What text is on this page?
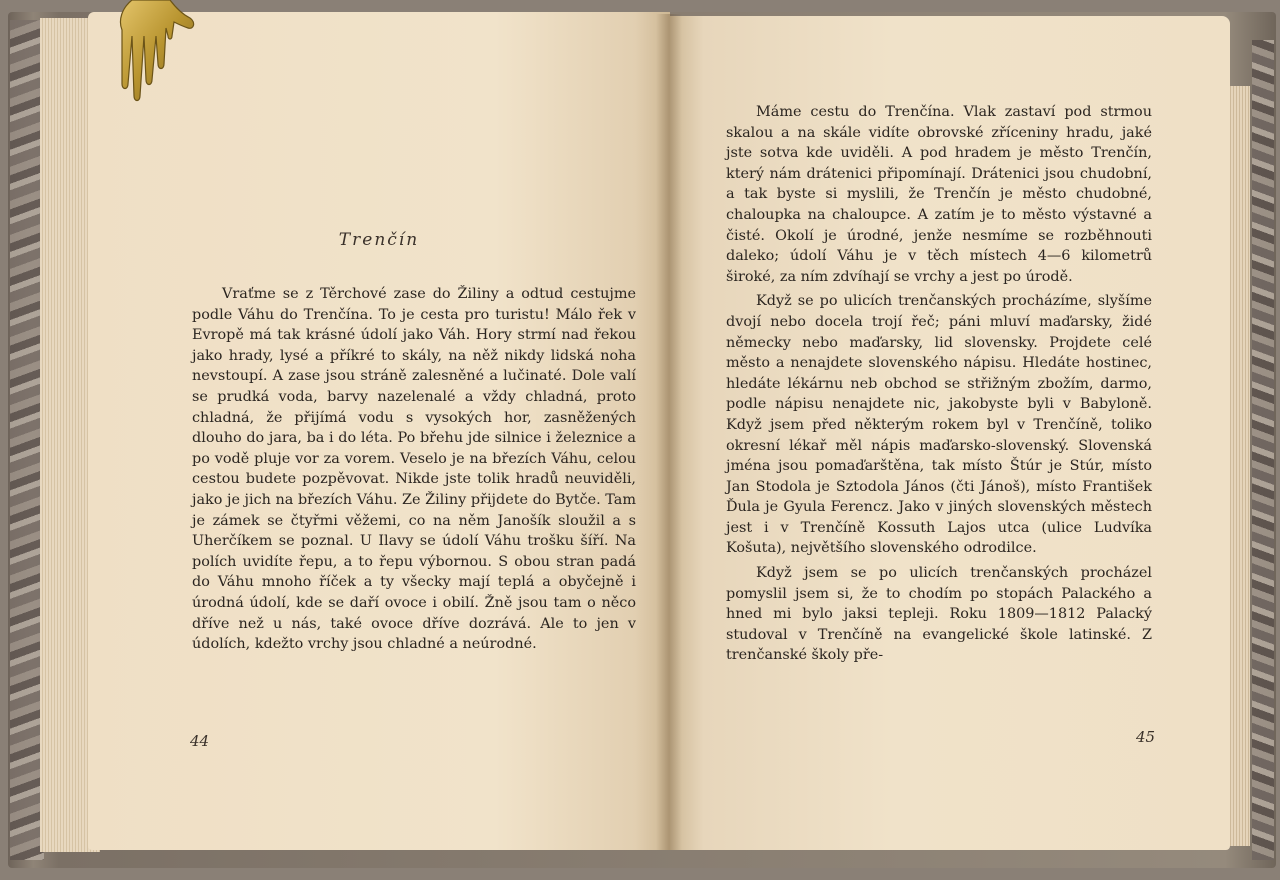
Trenčín

Vraťme se z Těrchové zase do Žiliny a odtud cestujme podle Váhu do Trenčína. To je cesta pro turistu! Málo řek v Evropě má tak krásné údolí jako Váh. Hory strmí nad řekou jako hrady, lysé a příkré to skály, na něž nikdy lidská noha nevstoupí. A zase jsou stráně zalesněné a lučinaté. Dole valí se prudká voda, barvy nazelenalé a vždy chladná, proto chladná, že přijímá vodu s vysokých hor, zasněžených dlouho do jara, ba i do léta. Po břehu jde silnice i železnice a po vodě pluje vor za vorem. Veselo je na březích Váhu, celou cestou budete pozpěvovat. Nikde jste tolik hradů neuviděli, jako je jich na březích Váhu. Ze Žiliny přijdete do Bytče. Tam je zámek se čtyřmi věžemi, co na něm Janošík sloužil a s Uherčíkem se poznal. U Ilavy se údolí Váhu trošku šíří. Na polích uvidíte řepu, a to řepu výbornou. S obou stran padá do Váhu mnoho říček a ty všecky mají teplá a obyčejně i úrodná údolí, kde se daří ovoce i obilí. Žně jsou tam o něco dříve než u nás, také ovoce dříve dozrává. Ale to jen v údolích, kdežto vrchy jsou chladné a neúrodné.

44

Máme cestu do Trenčína. Vlak zastaví pod strmou skalou a na skále vidíte obrovské zříceniny hradu, jaké jste sotva kde uviděli. A pod hradem je město Trenčín, který nám drátenici připomínají. Drátenici jsou chudobní, a tak byste si myslili, že Trenčín je město chudobné, chaloupka na chaloupce. A zatím je to město výstavné a čisté. Okolí je úrodné, jenže nesmíme se rozběhnouti daleko; údolí Váhu je v těch místech 4—6 kilometrů široké, za ním zdvíhají se vrchy a jest po úrodě.

Když se po ulicích trenčanských procházíme, slyšíme dvojí nebo docela trojí řeč; páni mluví maďarsky, židé německy nebo maďarsky, lid slovensky. Projdete celé město a nenajdete slovenského nápisu. Hledáte hostinec, hledáte lékárnu neb obchod se střižným zbožím, darmo, podle nápisu nenajdete nic, jakobyste byli v Babyloně. Když jsem před některým rokem byl v Trenčíně, toliko okresní lékař měl nápis maďarsko-slovenský. Slovenská jména jsou pomaďarštěna, tak místo Štúr je Stúr, místo Jan Stodola je Sztodola János (čti Jánoš), místo František Ďula je Gyula Ferencz. Jako v jiných slovenských městech jest i v Trenčíně Kossuth Lajos utca (ulice Ludvíka Košuta), největšího slovenského odrodilce.

Když jsem se po ulicích trenčanských procházel pomyslil jsem si, že to chodím po stopách Palackého a hned mi bylo jaksi tepleji. Roku 1809—1812 Palacký studoval v Trenčíně na evangelické škole latinské. Z trenčanské školy pře-

45
